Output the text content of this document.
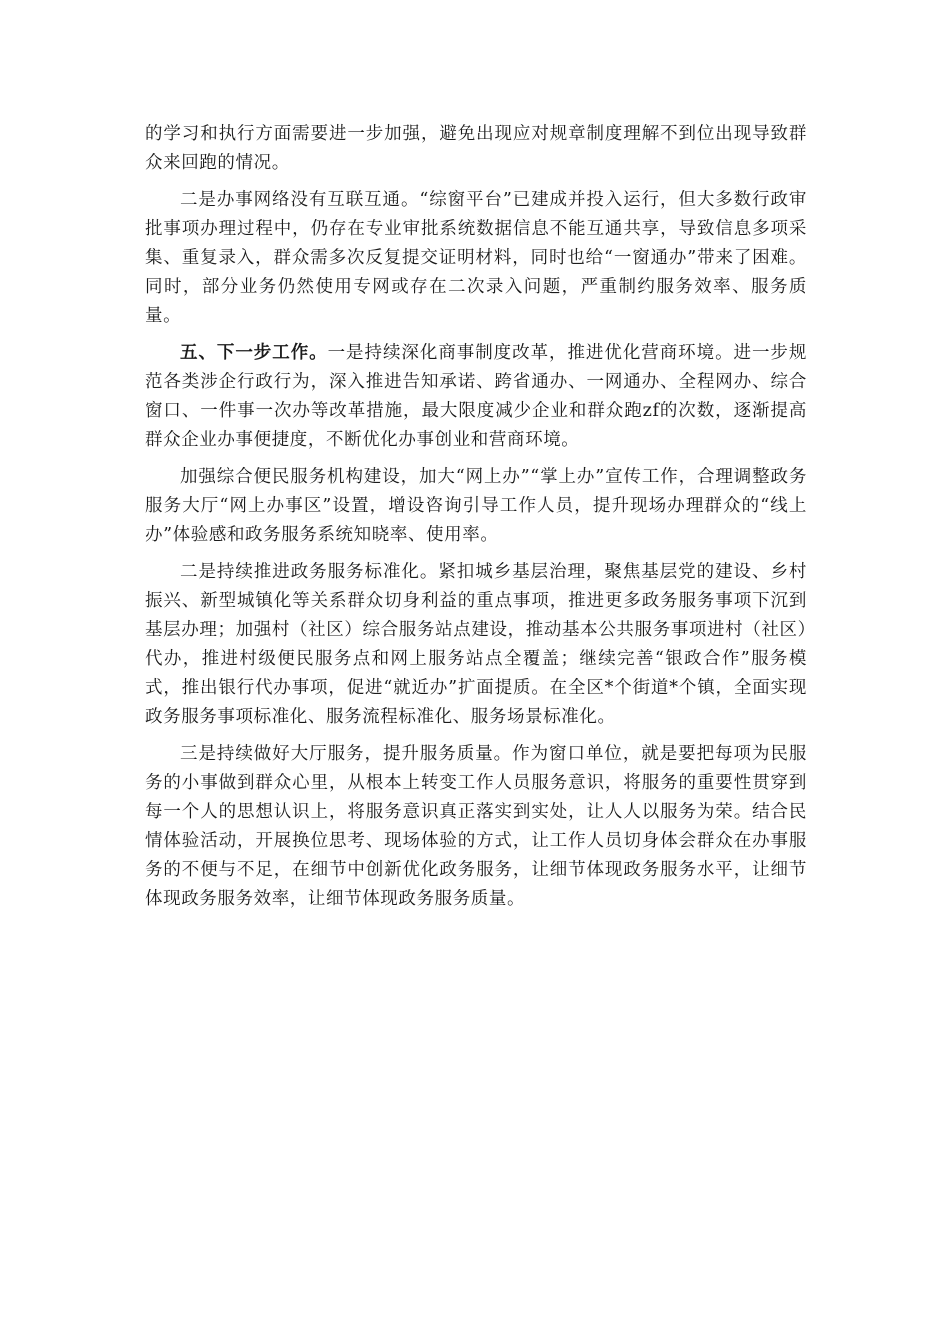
的学习和执行方面需要进一步加强，避免出现应对规章制度理解不到位出现导致群众来回跑的情况。

二是办事网络没有互联互通。“综窗平台”已建成并投入运行，但大多数行政审批事项办理过程中，仍存在专业审批系统数据信息不能互通共享，导致信息多项采集、重复录入，群众需多次反复提交证明材料，同时也给“一窗通办”带来了困难。同时，部分业务仍然使用专网或存在二次录入问题，严重制约服务效率、服务质量。

五、下一步工作。一是持续深化商事制度改革，推进优化营商环境。进一步规范各类涉企行政行为，深入推进告知承诺、跨省通办、一网通办、全程网办、综合窗口、一件事一次办等改革措施，最大限度减少企业和群众跑zf的次数，逐渐提高群众企业办事便捷度，不断优化办事创业和营商环境。

加强综合便民服务机构建设，加大“网上办”“掌上办”宣传工作，合理调整政务服务大厅“网上办事区”设置，增设咨询引导工作人员，提升现场办理群众的“线上办”体验感和政务服务系统知晓率、使用率。

二是持续推进政务服务标准化。紧扣城乡基层治理，聚焦基层党的建设、乡村振兴、新型城镇化等关系群众切身利益的重点事项，推进更多政务服务事项下沉到基层办理；加强村（社区）综合服务站点建设，推动基本公共服务事项进村（社区）代办，推进村级便民服务点和网上服务站点全覆盖；继续完善“银政合作”服务模式，推出银行代办事项，促进“就近办”扩面提质。在全区*个街道*个镇，全面实现政务服务事项标准化、服务流程标准化、服务场景标准化。

三是持续做好大厅服务，提升服务质量。作为窗口单位，就是要把每项为民服务的小事做到群众心里，从根本上转变工作人员服务意识，将服务的重要性贯穿到每一个人的思想认识上，将服务意识真正落实到实处，让人人以服务为荣。结合民情体验活动，开展换位思考、现场体验的方式，让工作人员切身体会群众在办事服务的不便与不足，在细节中创新优化政务服务，让细节体现政务服务水平，让细节体现政务服务效率，让细节体现政务服务质量。
